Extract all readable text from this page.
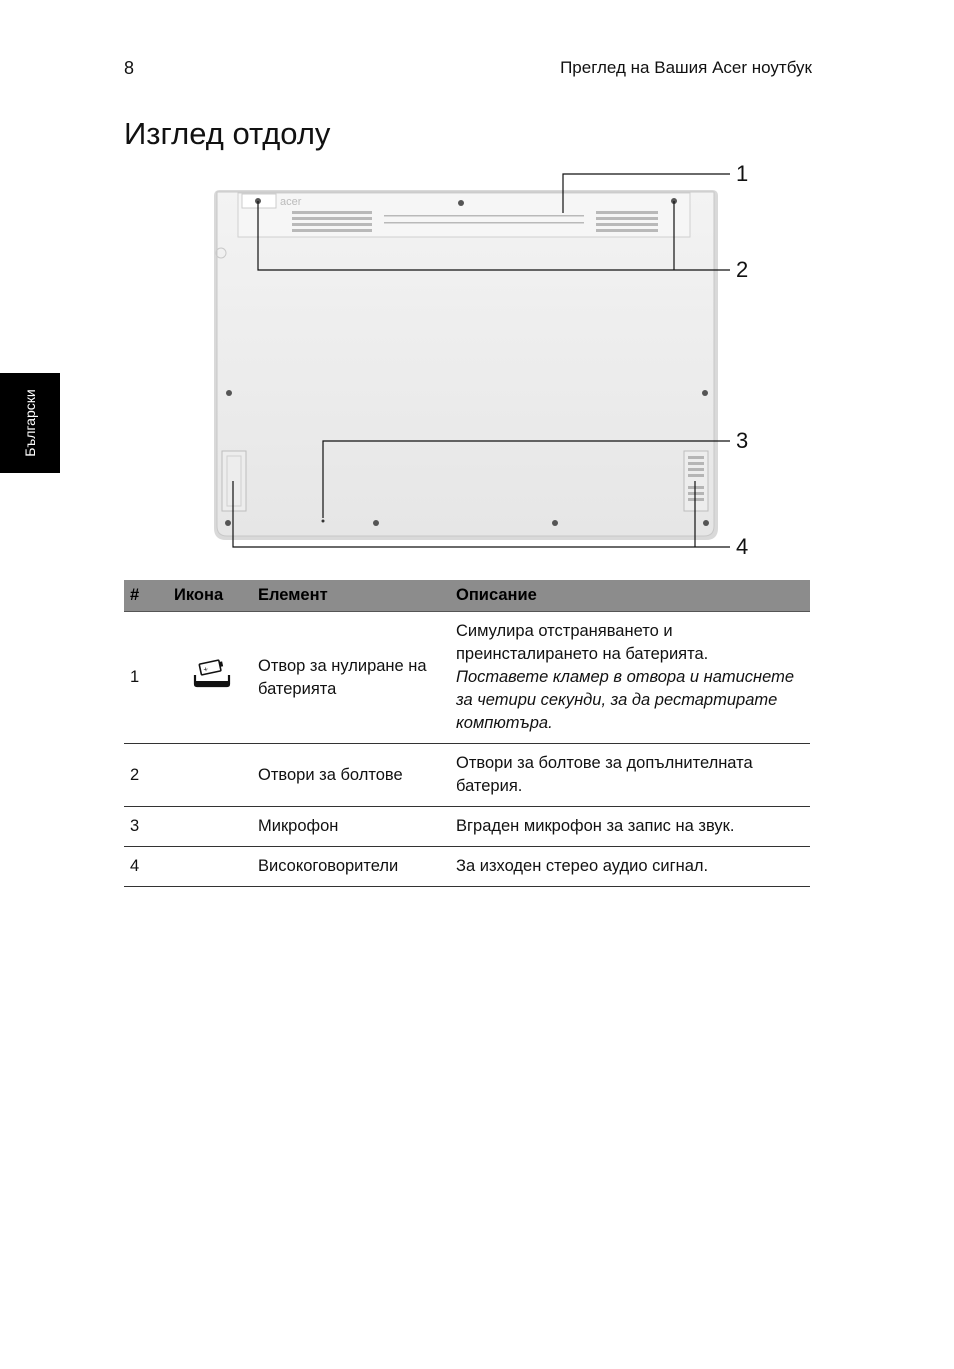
8	Преглед на Вашия Acer ноутбук
Български
Изглед отдолу
acer
1
2
3
4
#	Икона	Елемент	Описание
1	+	Отвор за нулиране на батерията	Симулира отстраняването и преинсталирането на батерията.
Поставете кламер в отвора и натиснете за четири секунди, за да рестартирате компютъра.

2		Отвори за болтове	Отвори за болтове за допълнителната батерия.
3		Микрофон	Вграден микрофон за запис на звук.
4		Високоговорители	За изходен стерео аудио сигнал.
